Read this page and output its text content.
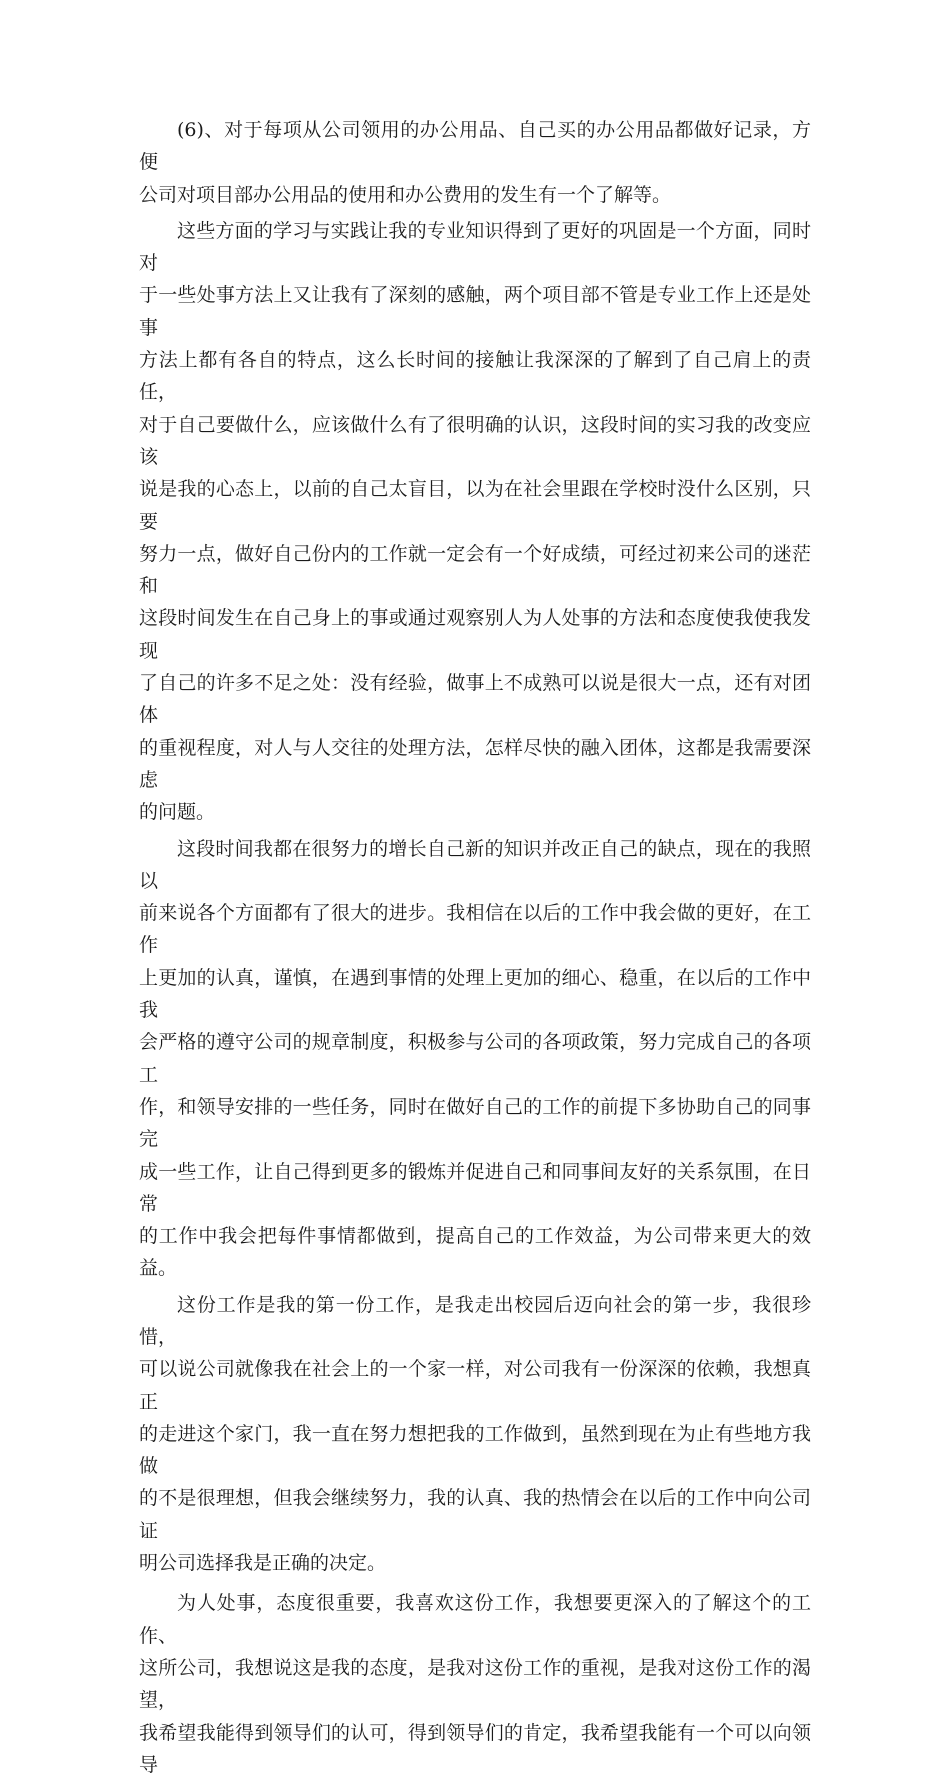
(6)、对于每项从公司领用的办公用品、自己买的办公用品都做好记录，方便
公司对项目部办公用品的使用和办公费用的发生有一个了解等。

这些方面的学习与实践让我的专业知识得到了更好的巩固是一个方面，同时对
于一些处事方法上又让我有了深刻的感触，两个项目部不管是专业工作上还是处事
方法上都有各自的特点，这么长时间的接触让我深深的了解到了自己肩上的责任，
对于自己要做什么，应该做什么有了很明确的认识，这段时间的实习我的改变应该
说是我的心态上，以前的自己太盲目，以为在社会里跟在学校时没什么区别，只要
努力一点，做好自己份内的工作就一定会有一个好成绩，可经过初来公司的迷茫和
这段时间发生在自己身上的事或通过观察别人为人处事的方法和态度使我使我发现
了自己的许多不足之处：没有经验，做事上不成熟可以说是很大一点，还有对团体
的重视程度，对人与人交往的处理方法，怎样尽快的融入团体，这都是我需要深虑
的问题。

这段时间我都在很努力的增长自己新的知识并改正自己的缺点，现在的我照以
前来说各个方面都有了很大的进步。我相信在以后的工作中我会做的更好，在工作
上更加的认真，谨慎，在遇到事情的处理上更加的细心、稳重，在以后的工作中我
会严格的遵守公司的规章制度，积极参与公司的各项政策，努力完成自己的各项工
作，和领导安排的一些任务，同时在做好自己的工作的前提下多协助自己的同事完
成一些工作，让自己得到更多的锻炼并促进自己和同事间友好的关系氛围，在日常
的工作中我会把每件事情都做到，提高自己的工作效益，为公司带来更大的效益。

这份工作是我的第一份工作，是我走出校园后迈向社会的第一步，我很珍惜，
可以说公司就像我在社会上的一个家一样，对公司我有一份深深的依赖，我想真正
的走进这个家门，我一直在努力想把我的工作做到，虽然到现在为止有些地方我做
的不是很理想，但我会继续努力，我的认真、我的热情会在以后的工作中向公司证
明公司选择我是正确的决定。

为人处事，态度很重要，我喜欢这份工作，我想要更深入的了解这个的工作、
这所公司，我想说这是我的态度，是我对这份工作的重视，是我对这份工作的渴望，
我希望我能得到领导们的认可，得到领导们的肯定，我希望我能有一个可以向领导
